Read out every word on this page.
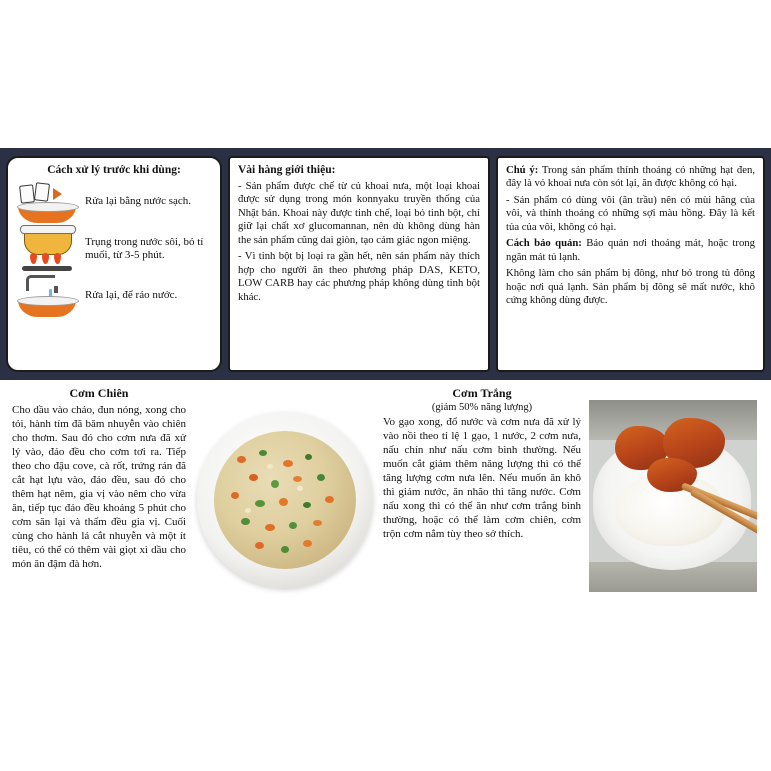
Cách xử lý trước khi dùng:
Rửa lại bằng nước sạch.
Trụng trong nước sôi, bỏ tí muối, từ 3-5 phút.
Rửa lại, để ráo nước.
Vài hàng giới thiệu:

- Sản phẩm được chế từ củ khoai nưa, một loại khoai được sử dụng trong món konnyaku truyền thống của Nhật bản. Khoai này được tinh chế, loại bỏ tinh bột, chỉ giữ lại chất xơ glucomannan, nên dù không dùng hàn the sản phẩm cũng dai giòn, tạo cảm giác ngon miệng.

- Vì tinh bột bị loại ra gần hết, nên sản phẩm này thích hợp cho người ăn theo phương pháp DAS, KETO, LOW CARB hay các phương pháp không dùng tinh bột khác.

Chú ý: Trong sản phẩm thỉnh thoảng có những hạt đen, đây là vỏ khoai nưa còn sót lại, ăn được không có hại.

- Sản phẩm có dùng vôi (ăn trầu) nên có mùi hăng của vôi, và thỉnh thoảng có những sợi màu hồng. Đây là kết tủa của vôi, không có hại.

Cách bảo quản: Bảo quản nơi thoáng mát, hoặc trong ngăn mát tủ lạnh.

Không làm cho sản phẩm bị đông, như bỏ trong tủ đông hoặc nơi quá lạnh. Sản phẩm bị đông sẽ mất nước, khô cứng không dùng được.

Cơm Chiên
Cho dầu vào chảo, đun nóng, xong cho tỏi, hành tím đã băm nhuyễn vào chiên cho thơm. Sau đó cho cơm nưa đã xử lý vào, đảo đều cho cơm tơi ra. Tiếp theo cho đậu cove, cà rốt, trứng rán đã cắt hạt lựu vào, đảo đều, sau đó cho thêm hạt nêm, gia vị vào nêm cho vừa ăn, tiếp tục đảo đều khoảng 5 phút cho cơm săn lại và thấm đều gia vị. Cuối cùng cho hành lá cắt nhuyễn và một ít tiêu, có thể có thêm vài giọt xì dầu cho món ăn đậm đà hơn.
Cơm Trắng
(giảm 50% năng lượng)
Vo gạo xong, đổ nước và cơm nưa đã xử lý vào nồi theo tỉ lệ 1 gạo, 1 nước, 2 cơm nưa, nấu chín như nấu cơm bình thường. Nếu muốn cắt giảm thêm năng lượng thì có thể tăng lượng cơm nưa lên. Nếu muốn ăn khô thì giảm nước, ăn nhão thì tăng nước. Cơm nấu xong thì có thể ăn như cơm trắng bình thường, hoặc có thể làm cơm chiên, cơm trộn cơm nắm tùy theo sở thích.
